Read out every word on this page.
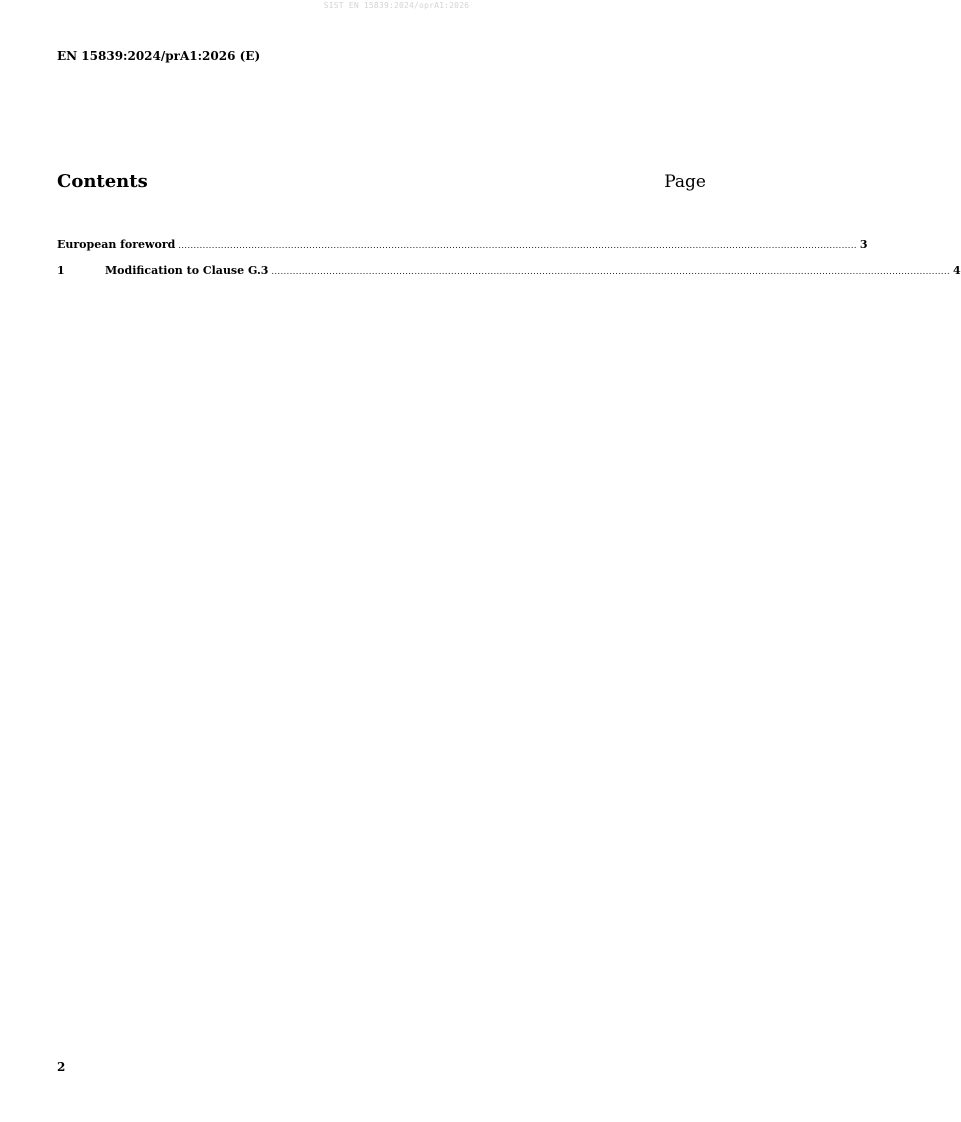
SIST EN 15839:2024/oprA1:2026
EN 15839:2024/prA1:2026 (E)
Contents	Page
European foreword ............................................................................................................................................................................................................................... 3
1	Modification to Clause G.3 ............................................................................................................................................................................................................................... 4
2
